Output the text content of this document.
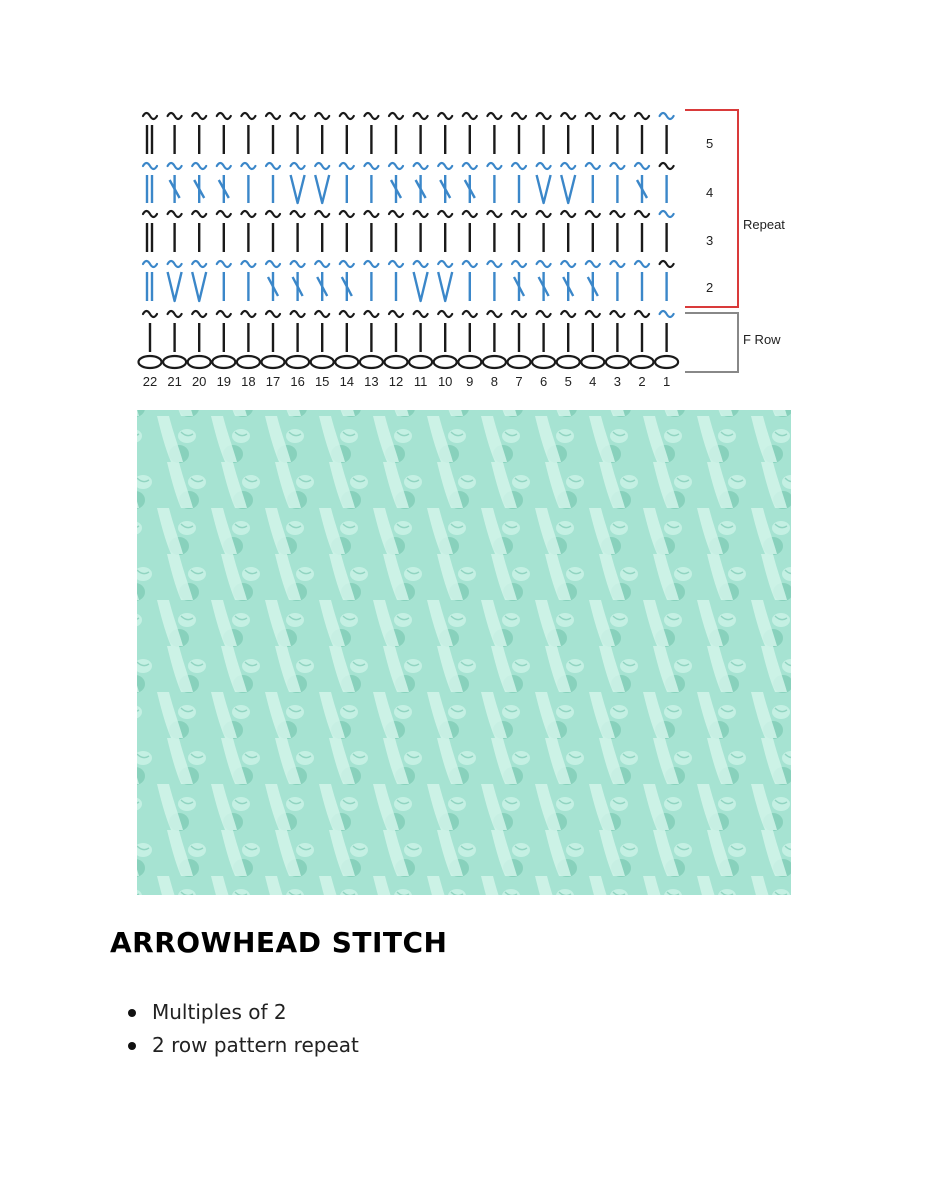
5
4
3
2
Repeat
F Row
22 21 20 19 18 17 16 15 14 13 12 11 10 9 8 7 6 5 4 3 2 1
ARROWHEAD STITCH
Multiples of 2
2 row pattern repeat
